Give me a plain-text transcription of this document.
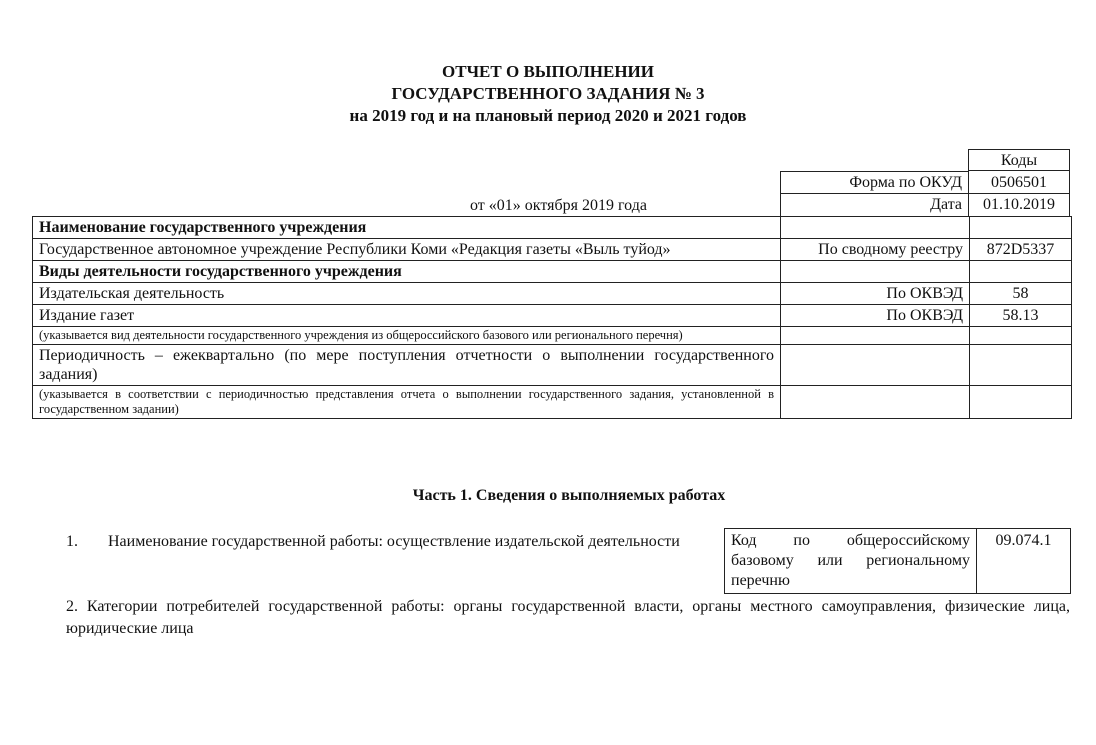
ОТЧЕТ О ВЫПОЛНЕНИИ
ГОСУДАРСТВЕННОГО ЗАДАНИЯ № 3
на 2019 год и на плановый период 2020 и 2021 годов
Коды
Форма по ОКУД	0506501
от «01» октября 2019 года	Дата	01.10.2019
Наименование государственного учреждения		
Государственное автономное учреждение Республики Коми «Редакция газеты «Выль туйод»	По сводному реестру	872D5337
Виды деятельности государственного учреждения		
Издательская деятельность	По ОКВЭД	58
Издание газет	По ОКВЭД	58.13
(указывается вид деятельности государственного учреждения из общероссийского базового или регионального перечня)		
Периодичность – ежеквартально (по мере поступления отчетности о выполнении государственного задания)		
(указывается в соответствии с периодичностью представления отчета о выполнении государственного задания, установленной в государственном задании)		
Часть 1. Сведения о выполняемых работах
1. Наименование государственной работы: осуществление издательской деятельности	Код по общероссийскому базовому или региональному перечню	09.074.1
2. Категории потребителей государственной работы: органы государственной власти, органы местного самоуправления, физические лица, юридические лица
